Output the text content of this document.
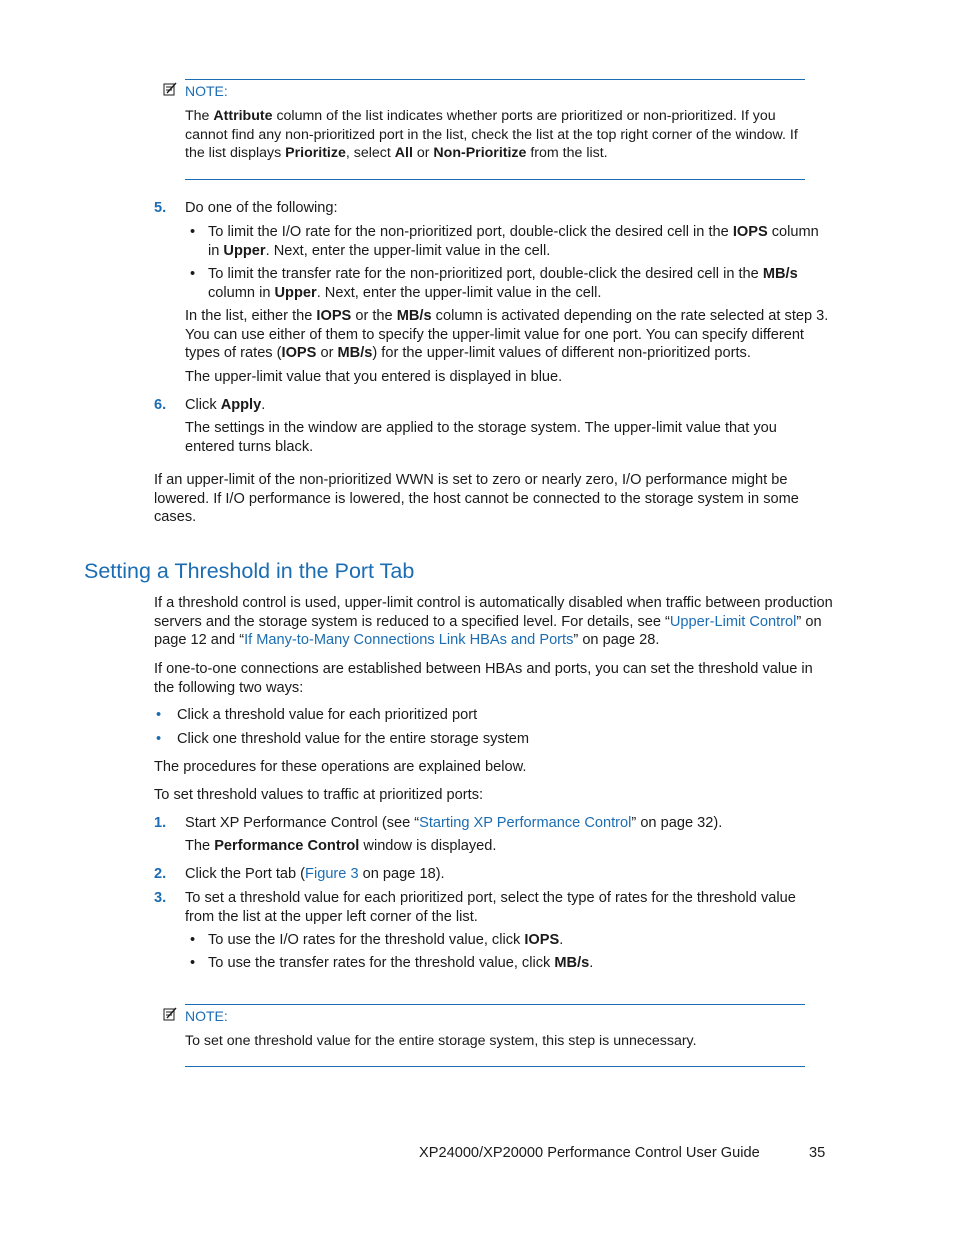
NOTE:
The Attribute column of the list indicates whether ports are prioritized or non-prioritized. If you cannot find any non-prioritized port in the list, check the list at the top right corner of the window. If the list displays Prioritize, select All or Non-Prioritize from the list.
5. Do one of the following:
• To limit the I/O rate for the non-prioritized port, double-click the desired cell in the IOPS column in Upper. Next, enter the upper-limit value in the cell.
• To limit the transfer rate for the non-prioritized port, double-click the desired cell in the MB/s column in Upper. Next, enter the upper-limit value in the cell.
In the list, either the IOPS or the MB/s column is activated depending on the rate selected at step 3. You can use either of them to specify the upper-limit value for one port. You can specify different types of rates (IOPS or MB/s) for the upper-limit values of different non-prioritized ports.
The upper-limit value that you entered is displayed in blue.
6. Click Apply.
The settings in the window are applied to the storage system. The upper-limit value that you entered turns black.
If an upper-limit of the non-prioritized WWN is set to zero or nearly zero, I/O performance might be lowered. If I/O performance is lowered, the host cannot be connected to the storage system in some cases.
Setting a Threshold in the Port Tab
If a threshold control is used, upper-limit control is automatically disabled when traffic between production servers and the storage system is reduced to a specified level. For details, see “Upper-Limit Control” on page 12 and “If Many-to-Many Connections Link HBAs and Ports” on page 28.
If one-to-one connections are established between HBAs and ports, you can set the threshold value in the following two ways:
• Click a threshold value for each prioritized port
• Click one threshold value for the entire storage system
The procedures for these operations are explained below.
To set threshold values to traffic at prioritized ports:
1. Start XP Performance Control (see “Starting XP Performance Control” on page 32).
The Performance Control window is displayed.
2. Click the Port tab (Figure 3 on page 18).
3. To set a threshold value for each prioritized port, select the type of rates for the threshold value from the list at the upper left corner of the list.
• To use the I/O rates for the threshold value, click IOPS.
• To use the transfer rates for the threshold value, click MB/s.
NOTE:
To set one threshold value for the entire storage system, this step is unnecessary.
XP24000/XP20000 Performance Control User Guide	35
